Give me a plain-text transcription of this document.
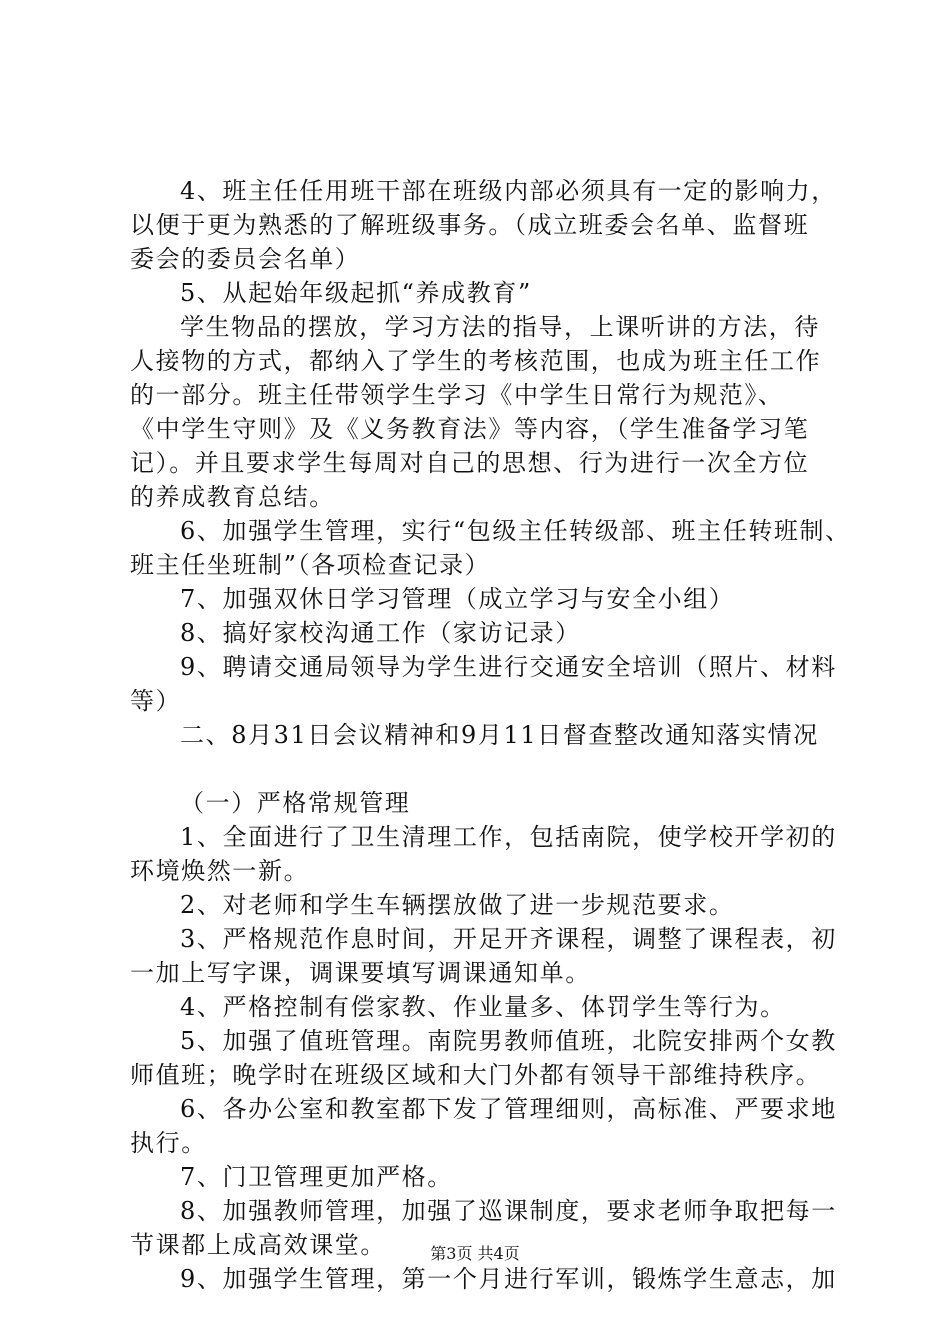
4、班主任任用班干部在班级内部必须具有一定的影响力，
以便于更为熟悉的了解班级事务。（成立班委会名单、监督班
委会的委员会名单）
5、从起始年级起抓“养成教育”
学生物品的摆放，学习方法的指导，上课听讲的方法，待
人接物的方式，都纳入了学生的考核范围，也成为班主任工作
的一部分。班主任带领学生学习《中学生日常行为规范》、
《中学生守则》及《义务教育法》等内容，（学生准备学习笔
记）。并且要求学生每周对自己的思想、行为进行一次全方位
的养成教育总结。
6、加强学生管理，实行“包级主任转级部、班主任转班制、
班主任坐班制”（各项检查记录）
7、加强双休日学习管理（成立学习与安全小组）
8、搞好家校沟通工作（家访记录）
9、聘请交通局领导为学生进行交通安全培训（照片、材料
等）
二、8月31日会议精神和9月11日督查整改通知落实情况
（一）严格常规管理
1、全面进行了卫生清理工作，包括南院，使学校开学初的
环境焕然一新。
2、对老师和学生车辆摆放做了进一步规范要求。
3、严格规范作息时间，开足开齐课程，调整了课程表，初
一加上写字课，调课要填写调课通知单。
4、严格控制有偿家教、作业量多、体罚学生等行为。
5、加强了值班管理。南院男教师值班，北院安排两个女教
师值班；晚学时在班级区域和大门外都有领导干部维持秩序。
6、各办公室和教室都下发了管理细则，高标准、严要求地
执行。
7、门卫管理更加严格。
8、加强教师管理，加强了巡课制度，要求老师争取把每一
节课都上成高效课堂。
9、加强学生管理，第一个月进行军训，锻炼学生意志，加
第3页 共4页
